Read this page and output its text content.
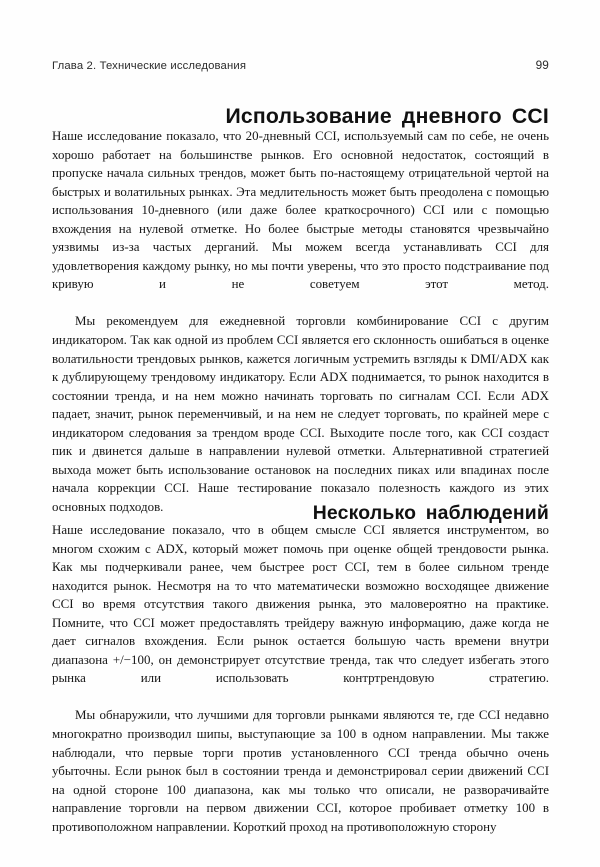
Глава 2. Технические исследования	99
Использование дневного CCI

Наше исследование показало, что 20-дневный CCI, используемый сам по себе, не очень хорошо работает на большинстве рынков. Его основной недостаток, состоящий в пропуске начала сильных трендов, может быть по-настоящему отрицательной чертой на быстрых и волатильных рынках. Эта медлительность может быть преодолена с помощью использования 10-дневного (или даже более краткосрочного) CCI или с помощью вхождения на нулевой отметке. Но более быстрые методы становятся чрезвычайно уязвимы из-за частых дерганий. Мы можем всегда устанавливать CCI для удовлетворения каждому рынку, но мы почти уверены, что это просто подстраивание под кривую и не советуем этот метод.

Мы рекомендуем для ежедневной торговли комбинирование CCI с другим индикатором. Так как одной из проблем CCI является его склонность ошибаться в оценке волатильности трендовых рынков, кажется логичным устремить взгляды к DMI/ADX как к дублирующему трендовому индикатору. Если ADX поднимается, то рынок находится в состоянии тренда, и на нем можно начинать торговать по сигналам CCI. Если ADX падает, значит, рынок переменчивый, и на нем не следует торговать, по крайней мере с индикатором следования за трендом вроде CCI. Выходите после того, как CCI создаст пик и двинется дальше в направлении нулевой отметки. Альтернативной стратегией выхода может быть использование остановок на последних пиках или впадинах после начала коррекции CCI. Наше тестирование показало полезность каждого из этих основных подходов.	Несколько наблюдений

Наше исследование показало, что в общем смысле CCI является инструментом, во многом схожим с ADX, который может помочь при оценке общей трендовости рынка. Как мы подчеркивали ранее, чем быстрее рост CCI, тем в более сильном тренде находится рынок. Несмотря на то что математически возможно восходящее движение CCI во время отсутствия такого движения рынка, это маловероятно на практике. Помните, что CCI может предоставлять трейдеру важную информацию, даже когда не дает сигналов вхождения. Если рынок остается большую часть времени внутри диапазона +/−100, он демонстрирует отсутствие тренда, так что следует избегать этого рынка или использовать контртрендовую стратегию.

Мы обнаружили, что лучшими для торговли рынками являются те, где CCI недавно многократно производил шипы, выступающие за 100 в одном направлении. Мы также наблюдали, что первые торги против установленного CCI тренда обычно очень убыточны. Если рынок был в состоянии тренда и демонстрировал серии движений CCI на одной стороне 100 диапазона, как мы только что описали, не разворачивайте направление торговли на первом движении CCI, которое пробивает отметку 100 в противоположном направлении. Короткий проход на противоположную сторону
